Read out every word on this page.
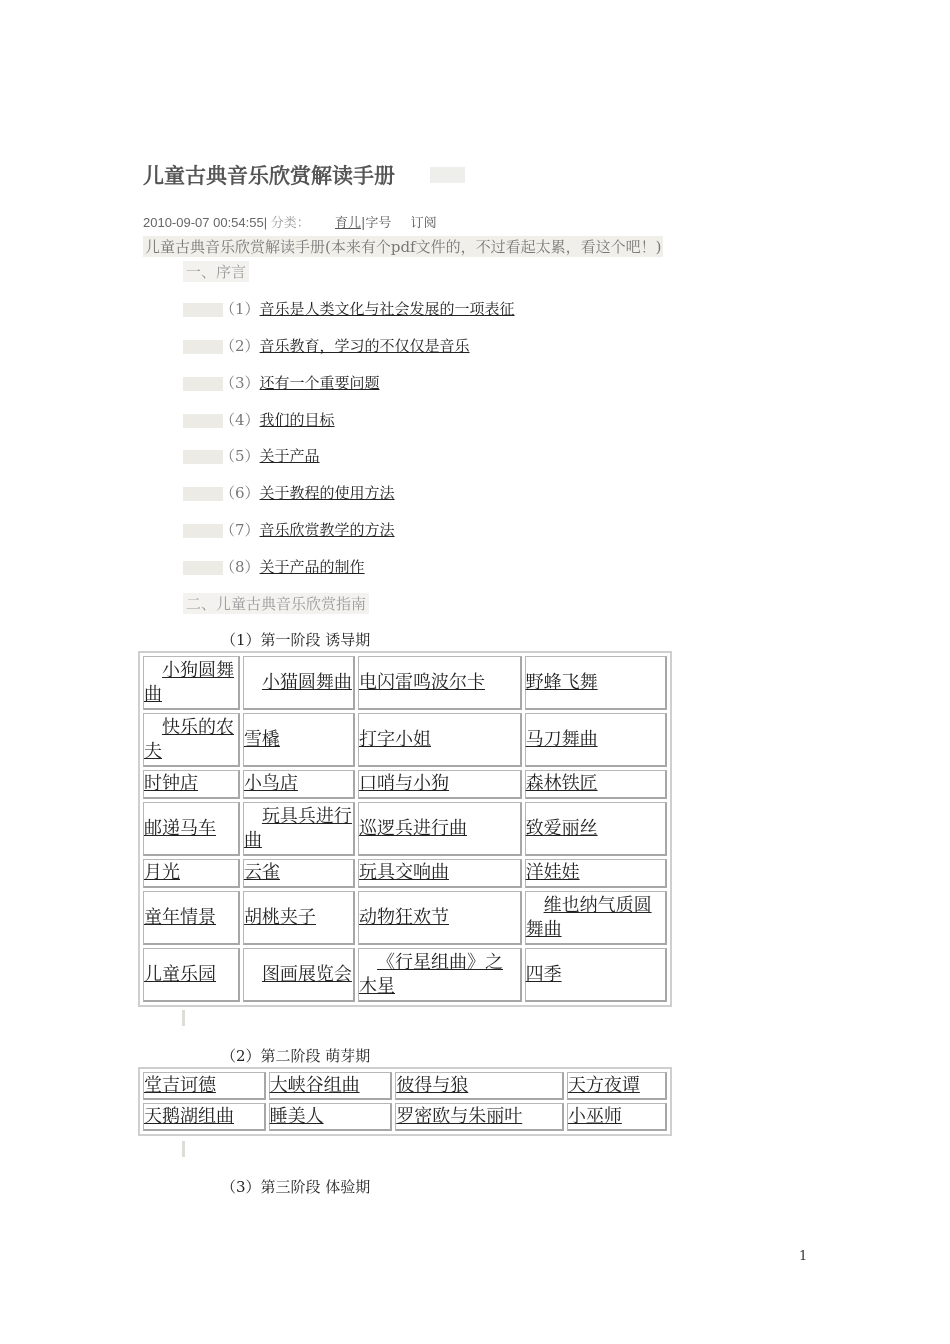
儿童古典音乐欣赏解读手册
2010-09-07 00:54:55| 分类： 育儿|字号 订阅
儿童古典音乐欣赏解读手册(本来有个pdf文件的，不过看起太累，看这个吧！)
一、序言
（1）音乐是人类文化与社会发展的一项表征
（2）音乐教育，学习的不仅仅是音乐
（3）还有一个重要问题
（4）我们的目标
（5）关于产品
（6）关于教程的使用方法
（7）音乐欣赏教学的方法
（8）关于产品的制作
二、儿童古典音乐欣赏指南
（1）第一阶段 诱导期
小狗圆舞曲	小猫圆舞曲	电闪雷鸣波尔卡	野蜂飞舞
快乐的农夫	雪橇	打字小姐	马刀舞曲
时钟店	小鸟店	口哨与小狗	森林铁匠
邮递马车	玩具兵进行曲	巡逻兵进行曲	致爱丽丝
月光	云雀	玩具交响曲	洋娃娃
童年情景	胡桃夹子	动物狂欢节	维也纳气质圆舞曲
儿童乐园	图画展览会	《行星组曲》之木星	四季
（2）第二阶段 萌芽期
堂吉诃德	大峡谷组曲	彼得与狼	天方夜谭
天鹅湖组曲	睡美人	罗密欧与朱丽叶	小巫师
（3）第三阶段 体验期
1
